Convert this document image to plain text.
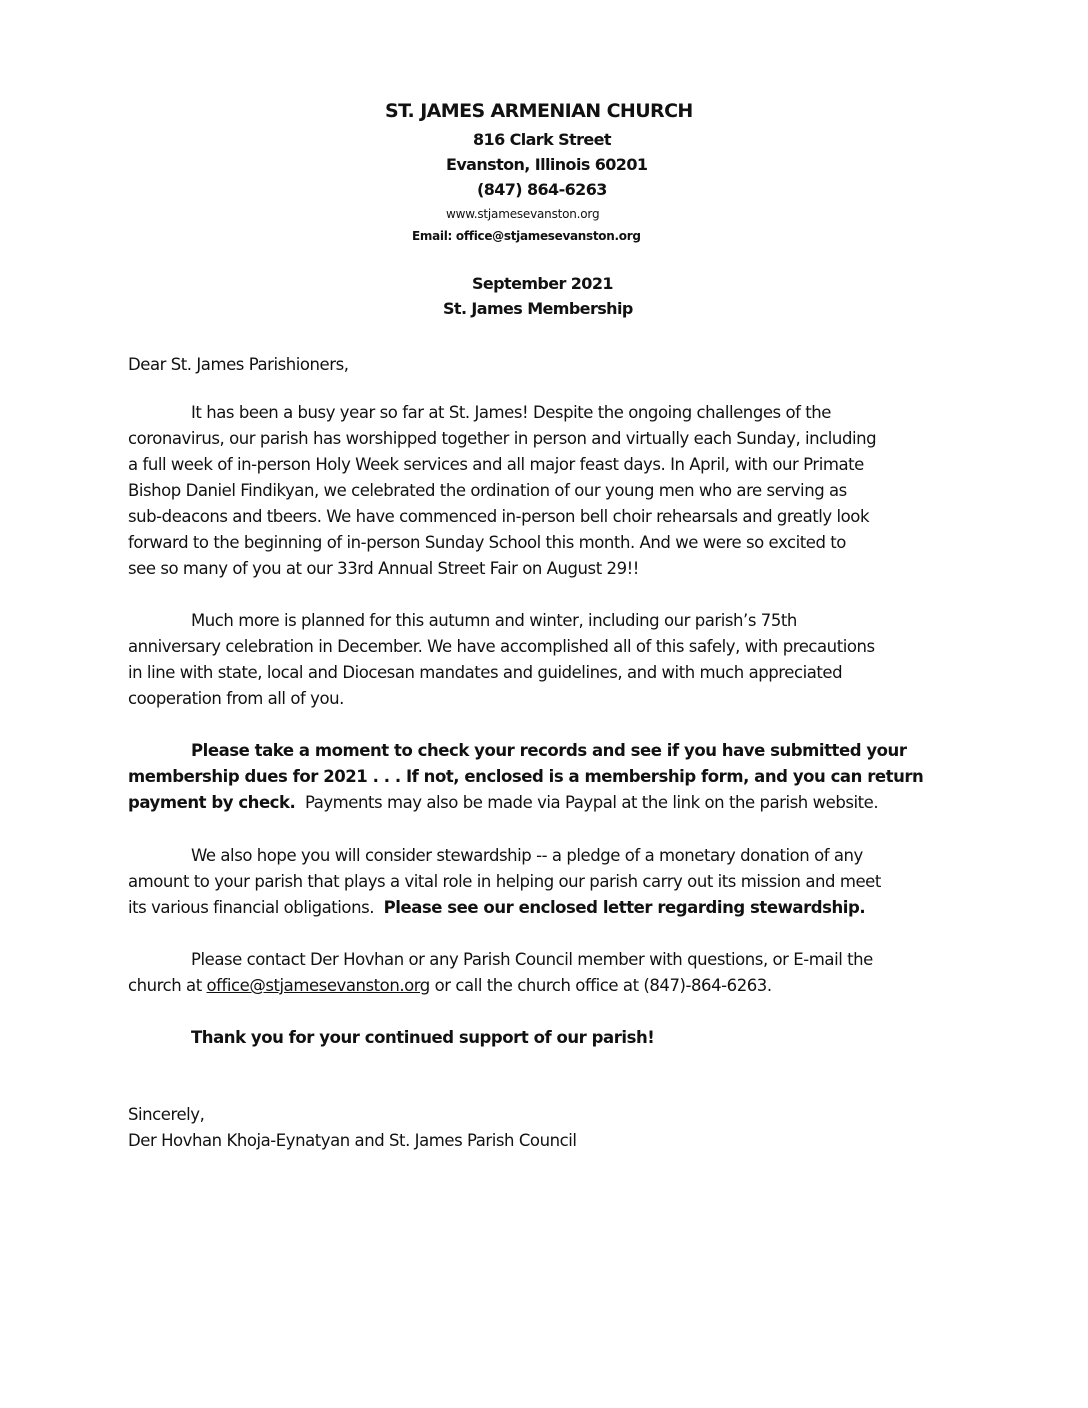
ST. JAMES ARMENIAN CHURCH
816 Clark Street
Evanston, Illinois 60201
(847) 864-6263
www.stjamesevanston.org
Email: office@stjamesevanston.org
September 2021
St. James Membership
Dear St. James Parishioners,
It has been a busy year so far at St. James! Despite the ongoing challenges of the
coronavirus, our parish has worshipped together in person and virtually each Sunday, including
a full week of in-person Holy Week services and all major feast days. In April, with our Primate
Bishop Daniel Findikyan, we celebrated the ordination of our young men who are serving as
sub-deacons and tbeers. We have commenced in-person bell choir rehearsals and greatly look
forward to the beginning of in-person Sunday School this month. And we were so excited to
see so many of you at our 33rd Annual Street Fair on August 29!!
Much more is planned for this autumn and winter, including our parish’s 75th
anniversary celebration in December. We have accomplished all of this safely, with precautions
in line with state, local and Diocesan mandates and guidelines, and with much appreciated
cooperation from all of you.
Please take a moment to check your records and see if you have submitted your
membership dues for 2021 . . . If not, enclosed is a membership form, and you can return
payment by check.  Payments may also be made via Paypal at the link on the parish website.
We also hope you will consider stewardship -- a pledge of a monetary donation of any
amount to your parish that plays a vital role in helping our parish carry out its mission and meet
its various financial obligations.  Please see our enclosed letter regarding stewardship.
Please contact Der Hovhan or any Parish Council member with questions, or E-mail the
church at office@stjamesevanston.org or call the church office at (847)-864-6263.
Thank you for your continued support of our parish!
Sincerely,
Der Hovhan Khoja-Eynatyan and St. James Parish Council
